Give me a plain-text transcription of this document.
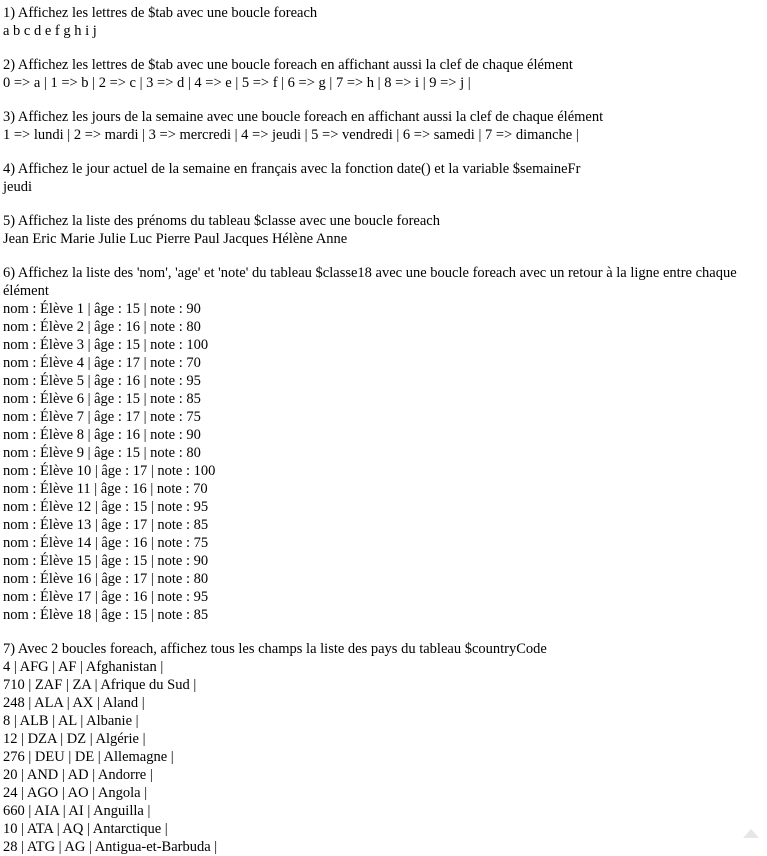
1) Affichez les lettres de $tab avec une boucle foreach
a b c d e f g h i j
2) Affichez les lettres de $tab avec une boucle foreach en affichant aussi la clef de chaque élément
0 => a | 1 => b | 2 => c | 3 => d | 4 => e | 5 => f | 6 => g | 7 => h | 8 => i | 9 => j |
3) Affichez les jours de la semaine avec une boucle foreach en affichant aussi la clef de chaque élément
1 => lundi | 2 => mardi | 3 => mercredi | 4 => jeudi | 5 => vendredi | 6 => samedi | 7 => dimanche |
4) Affichez le jour actuel de la semaine en français avec la fonction date() et la variable $semaineFr
jeudi
5) Affichez la liste des prénoms du tableau $classe avec une boucle foreach
Jean Eric Marie Julie Luc Pierre Paul Jacques Hélène Anne
6) Affichez la liste des 'nom', 'age' et 'note' du tableau $classe18 avec une boucle foreach avec un retour à la ligne entre chaque élément
nom : Élève 1 | âge : 15 | note : 90
nom : Élève 2 | âge : 16 | note : 80
nom : Élève 3 | âge : 15 | note : 100
nom : Élève 4 | âge : 17 | note : 70
nom : Élève 5 | âge : 16 | note : 95
nom : Élève 6 | âge : 15 | note : 85
nom : Élève 7 | âge : 17 | note : 75
nom : Élève 8 | âge : 16 | note : 90
nom : Élève 9 | âge : 15 | note : 80
nom : Élève 10 | âge : 17 | note : 100
nom : Élève 11 | âge : 16 | note : 70
nom : Élève 12 | âge : 15 | note : 95
nom : Élève 13 | âge : 17 | note : 85
nom : Élève 14 | âge : 16 | note : 75
nom : Élève 15 | âge : 15 | note : 90
nom : Élève 16 | âge : 17 | note : 80
nom : Élève 17 | âge : 16 | note : 95
nom : Élève 18 | âge : 15 | note : 85
7) Avec 2 boucles foreach, affichez tous les champs la liste des pays du tableau $countryCode
4 | AFG | AF | Afghanistan |
710 | ZAF | ZA | Afrique du Sud |
248 | ALA | AX | Aland |
8 | ALB | AL | Albanie |
12 | DZA | DZ | Algérie |
276 | DEU | DE | Allemagne |
20 | AND | AD | Andorre |
24 | AGO | AO | Angola |
660 | AIA | AI | Anguilla |
10 | ATA | AQ | Antarctique |
28 | ATG | AG | Antigua-et-Barbuda |
